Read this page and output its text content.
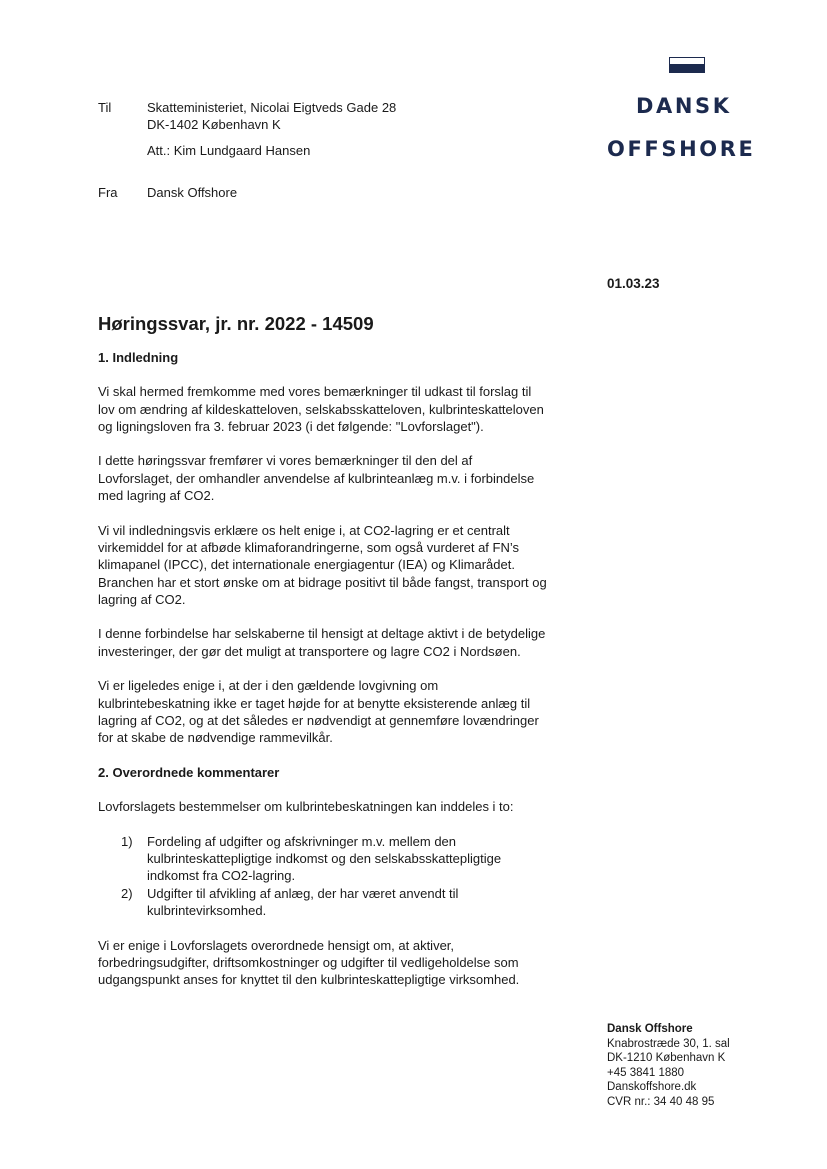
Til	Skatteministeriet, Nicolai Eigtveds Gade 28
DK-1402 København K
Att.: Kim Lundgaard Hansen
Fra Dansk Offshore
DANSK
OFFSHORE
01.03.23
Høringssvar, jr. nr. 2022 - 14509
1. Indledning

Vi skal hermed fremkomme med vores bemærkninger til udkast til forslag til lov om ændring af kildeskatteloven, selskabsskatteloven, kulbrinteskatteloven og ligningsloven fra 3. februar 2023 (i det følgende: "Lovforslaget").

I dette høringssvar fremfører vi vores bemærkninger til den del af Lovforslaget, der omhandler anvendelse af kulbrinteanlæg m.v. i forbindelse med lagring af CO2.

Vi vil indledningsvis erklære os helt enige i, at CO2-lagring er et centralt virkemiddel for at afbøde klimaforandringerne, som også vurderet af FN’s klimapanel (IPCC), det internationale energiagentur (IEA) og Klimarådet. Branchen har et stort ønske om at bidrage positivt til både fangst, transport og lagring af CO2.

I denne forbindelse har selskaberne til hensigt at deltage aktivt i de betydelige investeringer, der gør det muligt at transportere og lagre CO2 i Nordsøen.

Vi er ligeledes enige i, at der i den gældende lovgivning om kulbrintebeskatning ikke er taget højde for at benytte eksisterende anlæg til lagring af CO2, og at det således er nødvendigt at gennemføre lovændringer for at skabe de nødvendige rammevilkår.

2. Overordnede kommentarer

Lovforslagets bestemmelser om kulbrintebeskatningen kan inddeles i to:

1) Fordeling af udgifter og afskrivninger m.v. mellem den kulbrinteskattepligtige indkomst og den selskabsskattepligtige indkomst fra CO2-lagring.
2) Udgifter til afvikling af anlæg, der har været anvendt til kulbrintevirksomhed.

Vi er enige i Lovforslagets overordnede hensigt om, at aktiver, forbedringsudgifter, driftsomkostninger og udgifter til vedligeholdelse som udgangspunkt anses for knyttet til den kulbrinteskattepligtige virksomhed.

Dansk Offshore
Knabrostræde 30, 1. sal
DK-1210 København K
+45 3841 1880
Danskoffshore.dk
CVR nr.: 34 40 48 95
